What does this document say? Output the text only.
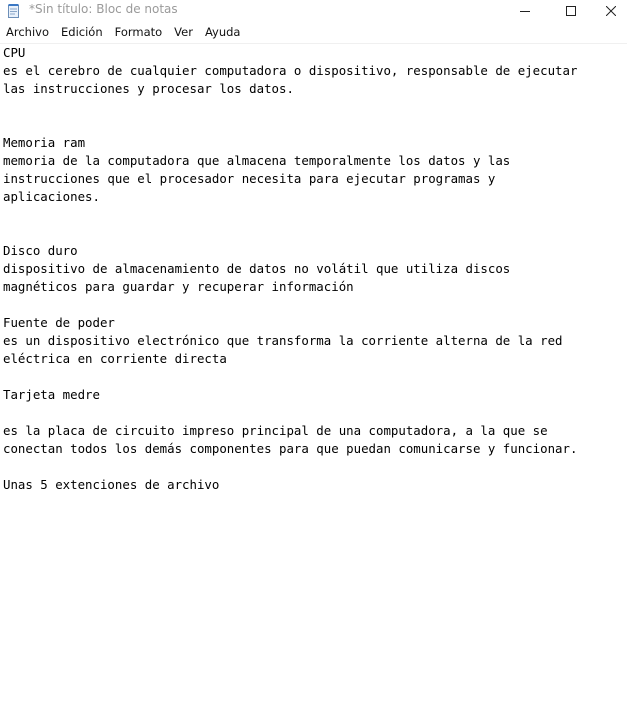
*Sin título: Bloc de notas
Archivo	Edición	Formato	Ver	Ayuda
CPU
es el cerebro de cualquier computadora o dispositivo, responsable de ejecutar
las instrucciones y procesar los datos.
Memoria ram
memoria de la computadora que almacena temporalmente los datos y las
instrucciones que el procesador necesita para ejecutar programas y
aplicaciones.
Disco duro
dispositivo de almacenamiento de datos no volátil que utiliza discos
magnéticos para guardar y recuperar información
Fuente de poder
es un dispositivo electrónico que transforma la corriente alterna de la red
eléctrica en corriente directa
Tarjeta medre
es la placa de circuito impreso principal de una computadora, a la que se
conectan todos los demás componentes para que puedan comunicarse y funcionar.
Unas 5 extenciones de archivo
